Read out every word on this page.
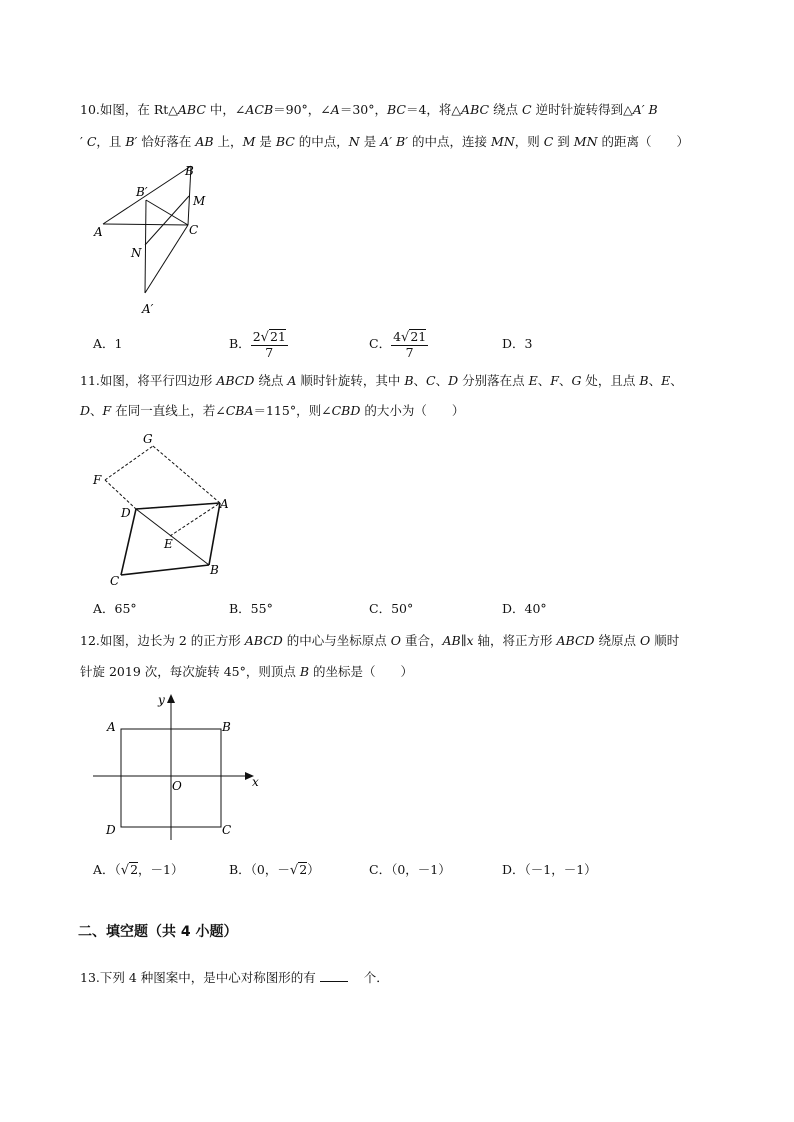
10.如图，在 Rt△ABC 中，∠ACB＝90°，∠A＝30°，BC＝4，将△ABC 绕点 C 逆时针旋转得到△A′ B
′ C，且 B′ 恰好落在 AB 上，M 是 BC 的中点，N 是 A′ B′ 的中点，连接 MN，则 C 到 MN 的距离（　　）
B
B′
M
A	C
N
A′
A．1	B． $\frac{2√21}{7}$	C． $\frac{4√21}{7}$	D．3
11.如图，将平行四边形 ABCD 绕点 A 顺时针旋转，其中 B、C、D 分别落在点 E、F、G 处，且点 B、E、
D、F 在同一直线上，若∠CBA＝115°，则∠CBD 的大小为（　　）
G
F
D
A
E
B
C
A．65°	B．55°	C．50°	D．40°
12.如图，边长为 2 的正方形 ABCD 的中心与坐标原点 O 重合，AB∥x 轴，将正方形 ABCD 绕原点 O 顺时
针旋 2019 次，每次旋转 45°，则顶点 B 的坐标是（　　）
y
A	B
O	x
D	C
A．（√2，－1）	B．（0，－√2）	C．（0，－1）	D．（－1，－1）
二、填空题（共 4 小题）
13.下列 4 种图案中，是中心对称图形的有	个．
